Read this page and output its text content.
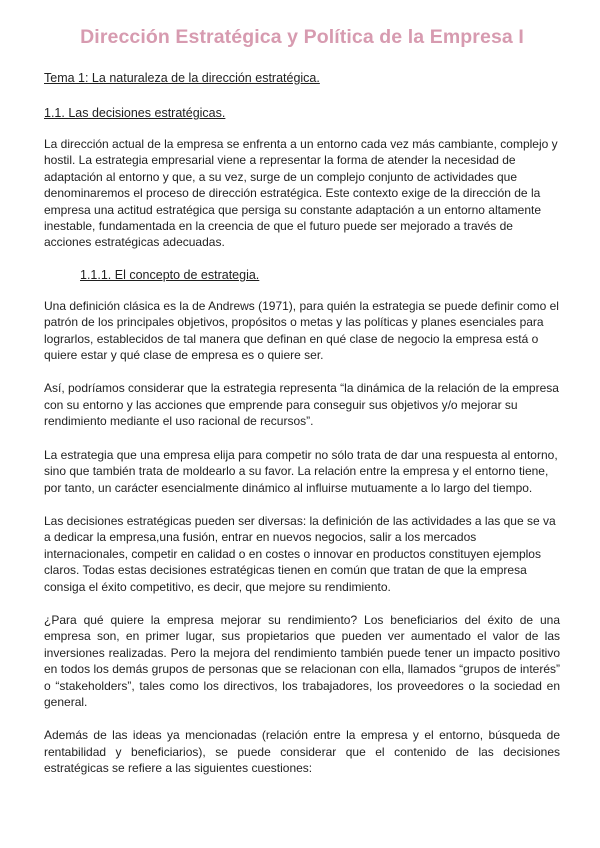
Dirección Estratégica y Política de la Empresa I
Tema 1: La naturaleza de la dirección estratégica.
1.1. Las decisiones estratégicas.

La dirección actual de la empresa se enfrenta a un entorno cada vez más cambiante, complejo y hostil. La estrategia empresarial viene a representar la forma de atender la necesidad de adaptación al entorno y que, a su vez, surge de un complejo conjunto de actividades que denominaremos el proceso de dirección estratégica. Este contexto exige de la dirección de la empresa una actitud estratégica que persiga su constante adaptación a un entorno altamente inestable, fundamentada en la creencia de que el futuro puede ser mejorado a través de acciones estratégicas adecuadas.

1.1.1. El concepto de estrategia.

Una definición clásica es la de Andrews (1971), para quién la estrategia se puede definir como el patrón de los principales objetivos, propósitos o metas y las políticas y planes esenciales para lograrlos, establecidos de tal manera que definan en qué clase de negocio la empresa está o quiere estar y qué clase de empresa es o quiere ser.

Así, podríamos considerar que la estrategia representa “la dinámica de la relación de la empresa con su entorno y las acciones que emprende para conseguir sus objetivos y/o mejorar su rendimiento mediante el uso racional de recursos”.

La estrategia que una empresa elija para competir no sólo trata de dar una respuesta al entorno, sino que también trata de moldearlo a su favor. La relación entre la empresa y el entorno tiene, por tanto, un carácter esencialmente dinámico al influirse mutuamente a lo largo del tiempo.

Las decisiones estratégicas pueden ser diversas: la definición de las actividades a las que se va a dedicar la empresa,una fusión, entrar en nuevos negocios, salir a los mercados internacionales, competir en calidad o en costes o innovar en productos constituyen ejemplos claros. Todas estas decisiones estratégicas tienen en común que tratan de que la empresa consiga el éxito competitivo, es decir, que mejore su rendimiento.

¿Para qué quiere la empresa mejorar su rendimiento? Los beneficiarios del éxito de una empresa son, en primer lugar, sus propietarios que pueden ver aumentado el valor de las inversiones realizadas. Pero la mejora del rendimiento también puede tener un impacto positivo en todos los demás grupos de personas que se relacionan con ella, llamados “grupos de interés” o “stakeholders”, tales como los directivos, los trabajadores, los proveedores o la sociedad en general.

Además de las ideas ya mencionadas (relación entre la empresa y el entorno, búsqueda de rentabilidad y beneficiarios), se puede considerar que el contenido de las decisiones estratégicas se refiere a las siguientes cuestiones:
